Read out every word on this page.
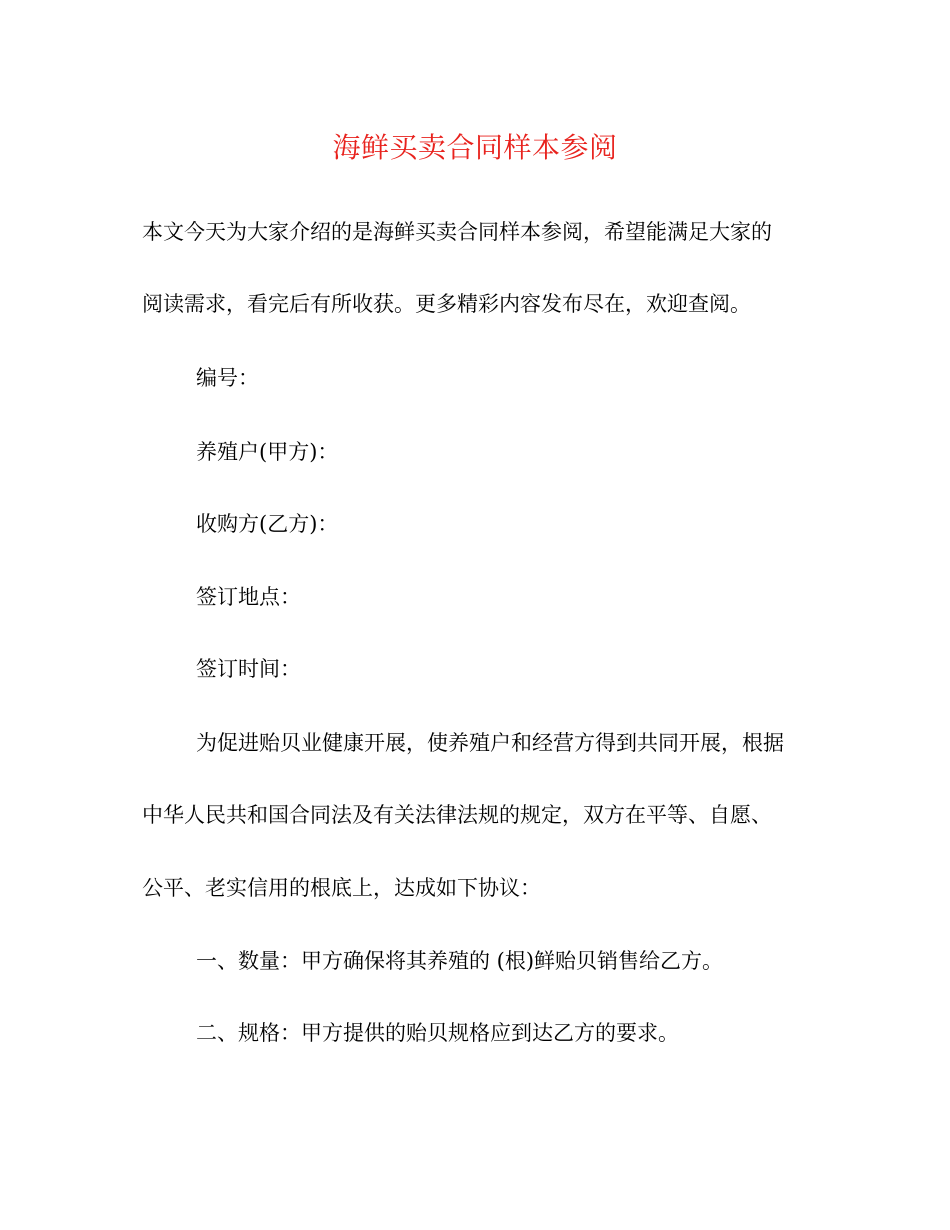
海鲜买卖合同样本参阅
本文今天为大家介绍的是海鲜买卖合同样本参阅，希望能满足大家的
阅读需求，看完后有所收获。更多精彩内容发布尽在，欢迎查阅。
编号：
养殖户(甲方)：
收购方(乙方)：
签订地点：
签订时间：
为促进贻贝业健康开展，使养殖户和经营方得到共同开展，根据
中华人民共和国合同法及有关法律法规的规定，双方在平等、自愿、
公平、老实信用的根底上，达成如下协议：
一、数量：甲方确保将其养殖的 (根)鲜贻贝销售给乙方。
二、规格：甲方提供的贻贝规格应到达乙方的要求。
